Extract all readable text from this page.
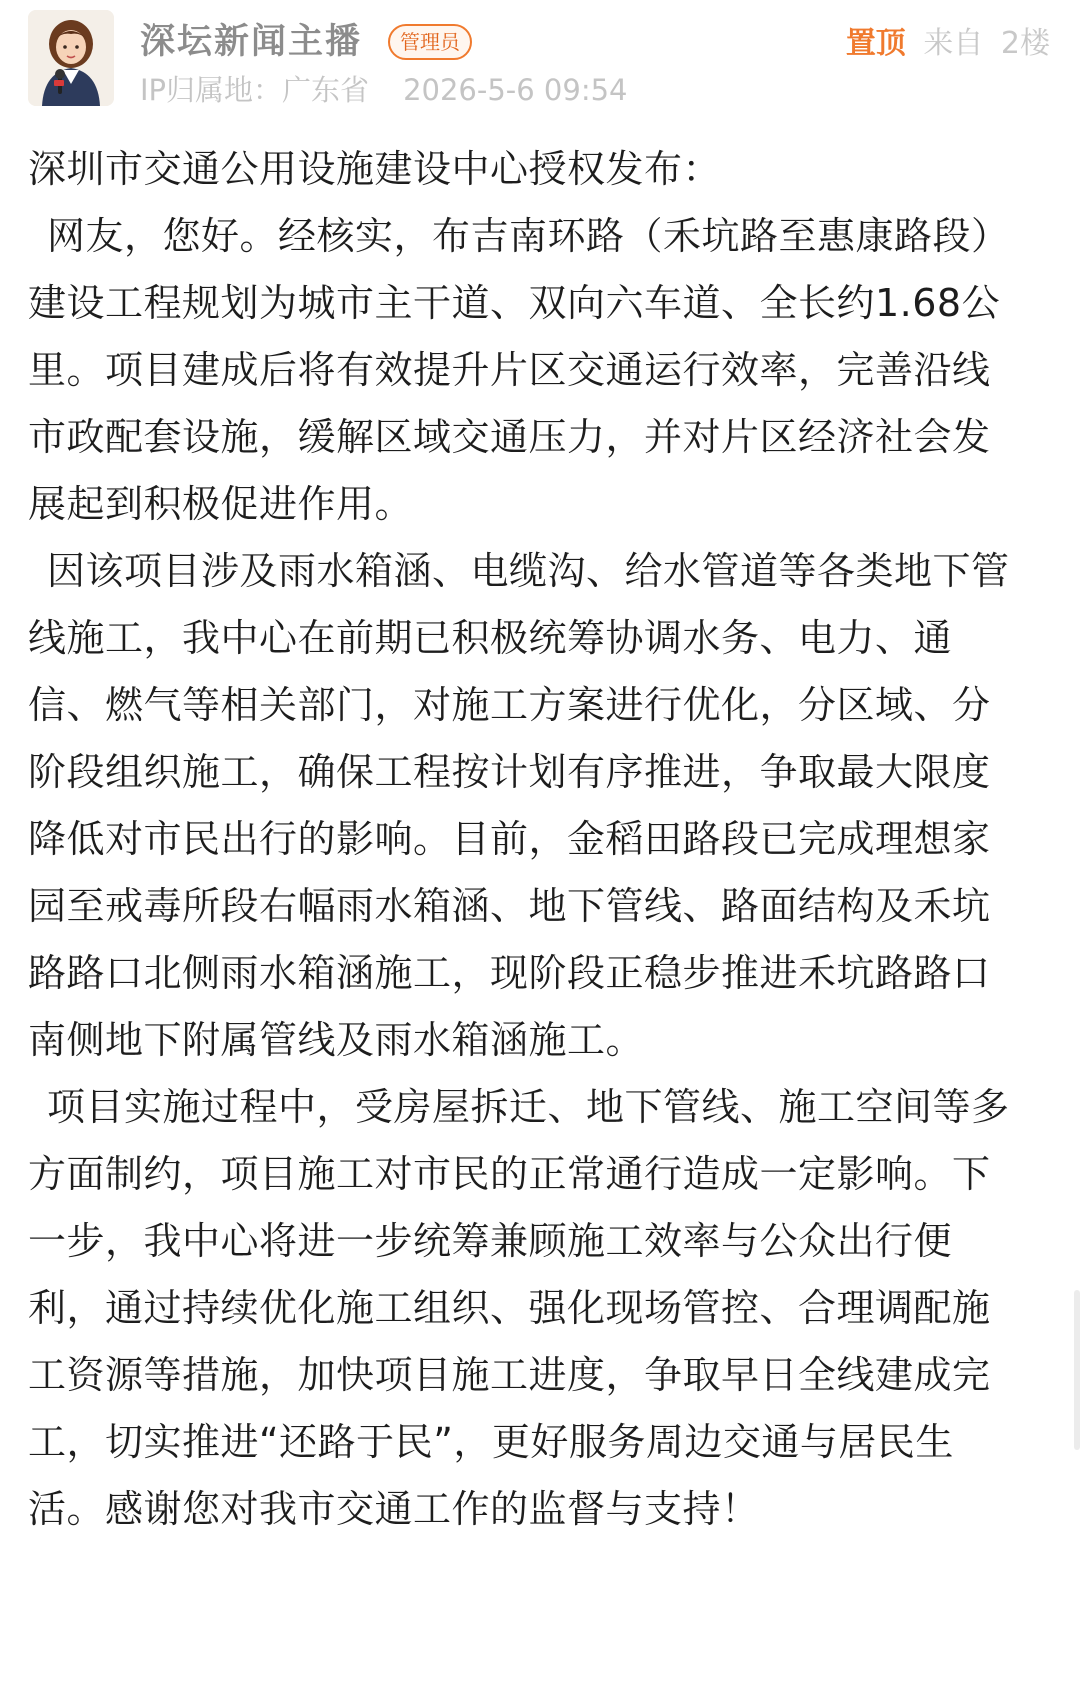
深坛新闻主播	管理员
IP归属地：广东省 2026-5-6 09:54
置顶 来自 2楼

深圳市交通公用设施建设中心授权发布：

网友，您好。经核实，布吉南环路（禾坑路至惠康路段）建设工程规划为城市主干道、双向六车道、全长约1.68公里。项目建成后将有效提升片区交通运行效率，完善沿线市政配套设施，缓解区域交通压力，并对片区经济社会发展起到积极促进作用。

因该项目涉及雨水箱涵、电缆沟、给水管道等各类地下管线施工，我中心在前期已积极统筹协调水务、电力、通信、燃气等相关部门，对施工方案进行优化，分区域、分阶段组织施工，确保工程按计划有序推进，争取最大限度降低对市民出行的影响。目前，金稻田路段已完成理想家园至戒毒所段右幅雨水箱涵、地下管线、路面结构及禾坑路路口北侧雨水箱涵施工，现阶段正稳步推进禾坑路路口南侧地下附属管线及雨水箱涵施工。

项目实施过程中，受房屋拆迁、地下管线、施工空间等多方面制约，项目施工对市民的正常通行造成一定影响。下一步，我中心将进一步统筹兼顾施工效率与公众出行便利，通过持续优化施工组织、强化现场管控、合理调配施工资源等措施，加快项目施工进度，争取早日全线建成完工，切实推进“还路于民”，更好服务周边交通与居民生活。感谢您对我市交通工作的监督与支持！
